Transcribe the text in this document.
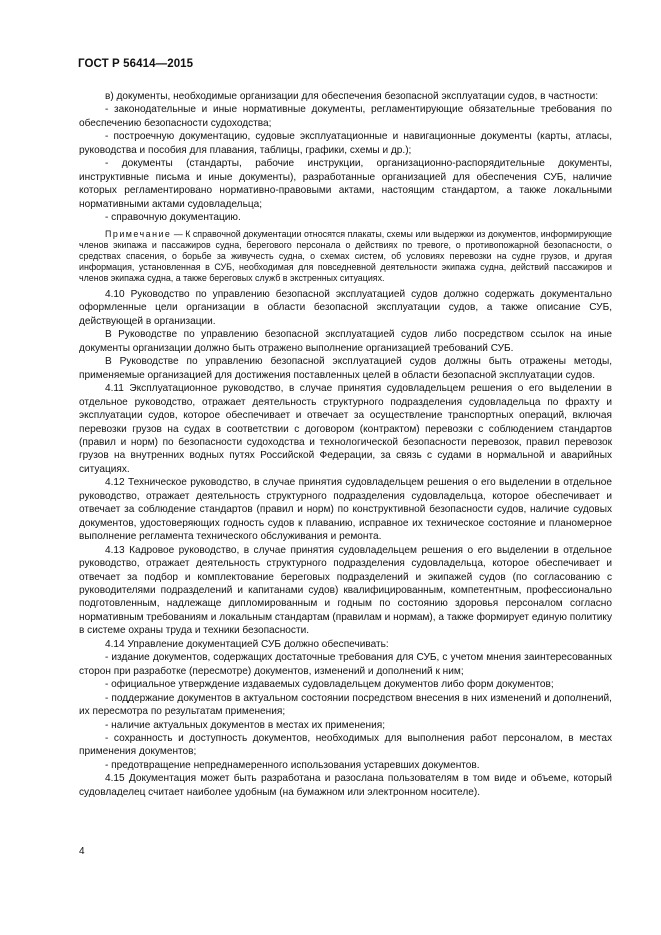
ГОСТ Р 56414—2015

в) документы, необходимые организации для обеспечения безопасной эксплуатации судов, в частности:

- законодательные и иные нормативные документы, регламентирующие обязательные требования по обеспечению безопасности судоходства;

- построечную документацию, судовые эксплуатационные и навигационные документы (карты, атласы, руководства и пособия для плавания, таблицы, графики, схемы и др.);

- документы (стандарты, рабочие инструкции, организационно-распорядительные документы, инструктивные письма и иные документы), разработанные организацией для обеспечения СУБ, наличие которых регламентировано нормативно-правовыми актами, настоящим стандартом, а также локальными нормативными актами судовладельца;

- справочную документацию.

Примечание — К справочной документации относятся плакаты, схемы или выдержки из документов, информирующие членов экипажа и пассажиров судна, берегового персонала о действиях по тревоге, о противопожарной безопасности, о средствах спасения, о борьбе за живучесть судна, о схемах систем, об условиях перевозки на судне грузов, и другая информация, установленная в СУБ, необходимая для повседневной деятельности экипажа судна, действий пассажиров и членов экипажа судна, а также береговых служб в экстренных ситуациях.

4.10 Руководство по управлению безопасной эксплуатацией судов должно содержать документально оформленные цели организации в области безопасной эксплуатации судов, а также описание СУБ, действующей в организации.

В Руководстве по управлению безопасной эксплуатацией судов либо посредством ссылок на иные документы организации должно быть отражено выполнение организацией требований СУБ.

В Руководстве по управлению безопасной эксплуатацией судов должны быть отражены методы, применяемые организацией для достижения поставленных целей в области безопасной эксплуатации судов.

4.11 Эксплуатационное руководство, в случае принятия судовладельцем решения о его выделении в отдельное руководство, отражает деятельность структурного подразделения судовладельца по фрахту и эксплуатации судов, которое обеспечивает и отвечает за осуществление транспортных операций, включая перевозки грузов на судах в соответствии с договором (контрактом) перевозки с соблюдением стандартов (правил и норм) по безопасности судоходства и технологической безопасности перевозок, правил перевозок грузов на внутренних водных путях Российской Федерации, за связь с судами в нормальной и аварийных ситуациях.

4.12 Техническое руководство, в случае принятия судовладельцем решения о его выделении в отдельное руководство, отражает деятельность структурного подразделения судовладельца, которое обеспечивает и отвечает за соблюдение стандартов (правил и норм) по конструктивной безопасности судов, наличие судовых документов, удостоверяющих годность судов к плаванию, исправное их техническое состояние и планомерное выполнение регламента технического обслуживания и ремонта.

4.13 Кадровое руководство, в случае принятия судовладельцем решения о его выделении в отдельное руководство, отражает деятельность структурного подразделения судовладельца, которое обеспечивает и отвечает за подбор и комплектование береговых подразделений и экипажей судов (по согласованию с руководителями подразделений и капитанами судов) квалифицированным, компетентным, профессионально подготовленным, надлежаще дипломированным и годным по состоянию здоровья персоналом согласно нормативным требованиям и локальным стандартам (правилам и нормам), а также формирует единую политику в системе охраны труда и техники безопасности.

4.14 Управление документацией СУБ должно обеспечивать:

- издание документов, содержащих достаточные требования для СУБ, с учетом мнения заинтересованных сторон при разработке (пересмотре) документов, изменений и дополнений к ним;

- официальное утверждение издаваемых судовладельцем документов либо форм документов;

- поддержание документов в актуальном состоянии посредством внесения в них изменений и дополнений, их пересмотра по результатам применения;

- наличие актуальных документов в местах их применения;

- сохранность и доступность документов, необходимых для выполнения работ персоналом, в местах применения документов;

- предотвращение непреднамеренного использования устаревших документов.

4.15 Документация может быть разработана и разослана пользователям в том виде и объеме, который судовладелец считает наиболее удобным (на бумажном или электронном носителе).

4
